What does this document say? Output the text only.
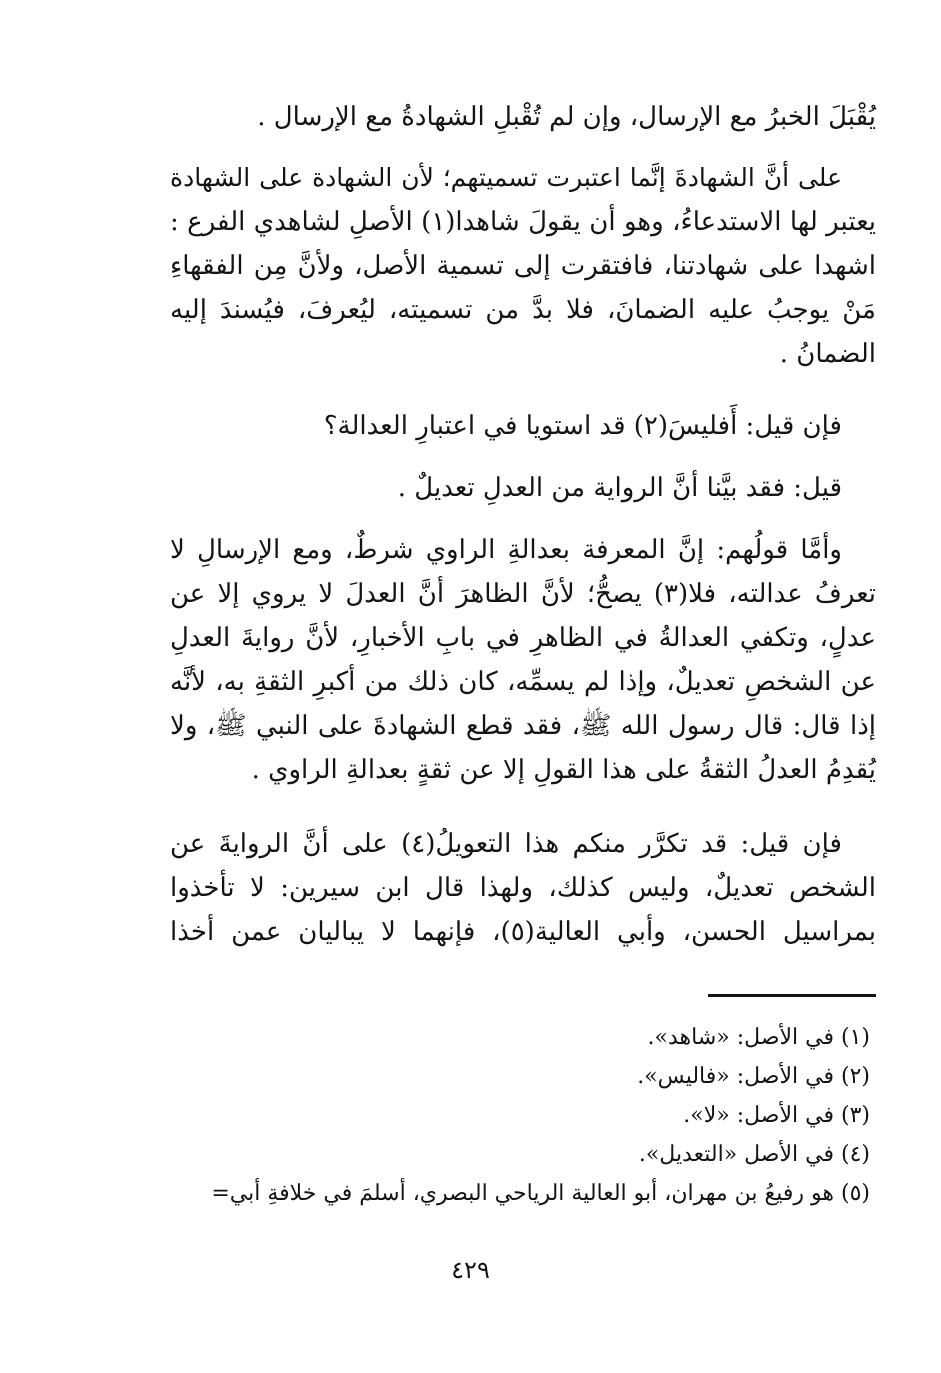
يُقْبَلَ الخبرُ مع الإرسال، وإن لم تُقْبلِ الشهادةُ مع الإرسال .

على أنَّ الشهادةَ إنَّما اعتبرت تسميتهم؛ لأن الشهادة على الشهادة

يعتبر لها الاستدعاءُ، وهو أن يقولَ شاهدا(١) الأصلِ لشاهدي الفرع :

اشهدا على شهادتنا، فافتقرت إلى تسمية الأصل، ولأنَّ مِن الفقهاءِ

مَنْ يوجبُ عليه الضمانَ، فلا بدَّ من تسميته، ليُعرفَ، فيُسندَ إليه

الضمانُ .

فإن قيل: أَفليسَ(٢) قد استويا في اعتبارِ العدالة؟

قيل: فقد بيَّنا أنَّ الرواية من العدلِ تعديلٌ .

وأمَّا قولُهم: إنَّ المعرفة بعدالةِ الراوي شرطٌ، ومع الإرسالِ لا

تعرفُ عدالته، فلا(٣) يصحُّ؛ لأنَّ الظاهرَ أنَّ العدلَ لا يروي إلا عن

عدلٍ، وتكفي العدالةُ في الظاهرِ في بابِ الأخبارِ، لأنَّ روايةَ العدلِ

عن الشخصِ تعديلٌ، وإذا لم يسمِّه، كان ذلك من أكبرِ الثقةِ به، لأنَّه

إذا قال: قال رسول الله ﷺ، فقد قطع الشهادةَ على النبي ﷺ، ولا

يُقدِمُ العدلُ الثقةُ على هذا القولِ إلا عن ثقةٍ بعدالةِ الراوي .

فإن قيل: قد تكرَّر منكم هذا التعويلُ(٤) على أنَّ الروايةَ عن

الشخص تعديلٌ، وليس كذلك، ولهذا قال ابن سيرين: لا تأخذوا

بمراسيل الحسن، وأبي العالية(٥)، فإنهما لا يباليان عمن أخذا

(١) في الأصل: «شاهد».
(٢) في الأصل: «فاليس».
(٣) في الأصل: «لا».
(٤) في الأصل «التعديل».
(٥) هو رفيعُ بن مهران، أبو العالية الرياحي البصري، أسلمَ في خلافةِ أبي=
٤٢٩
